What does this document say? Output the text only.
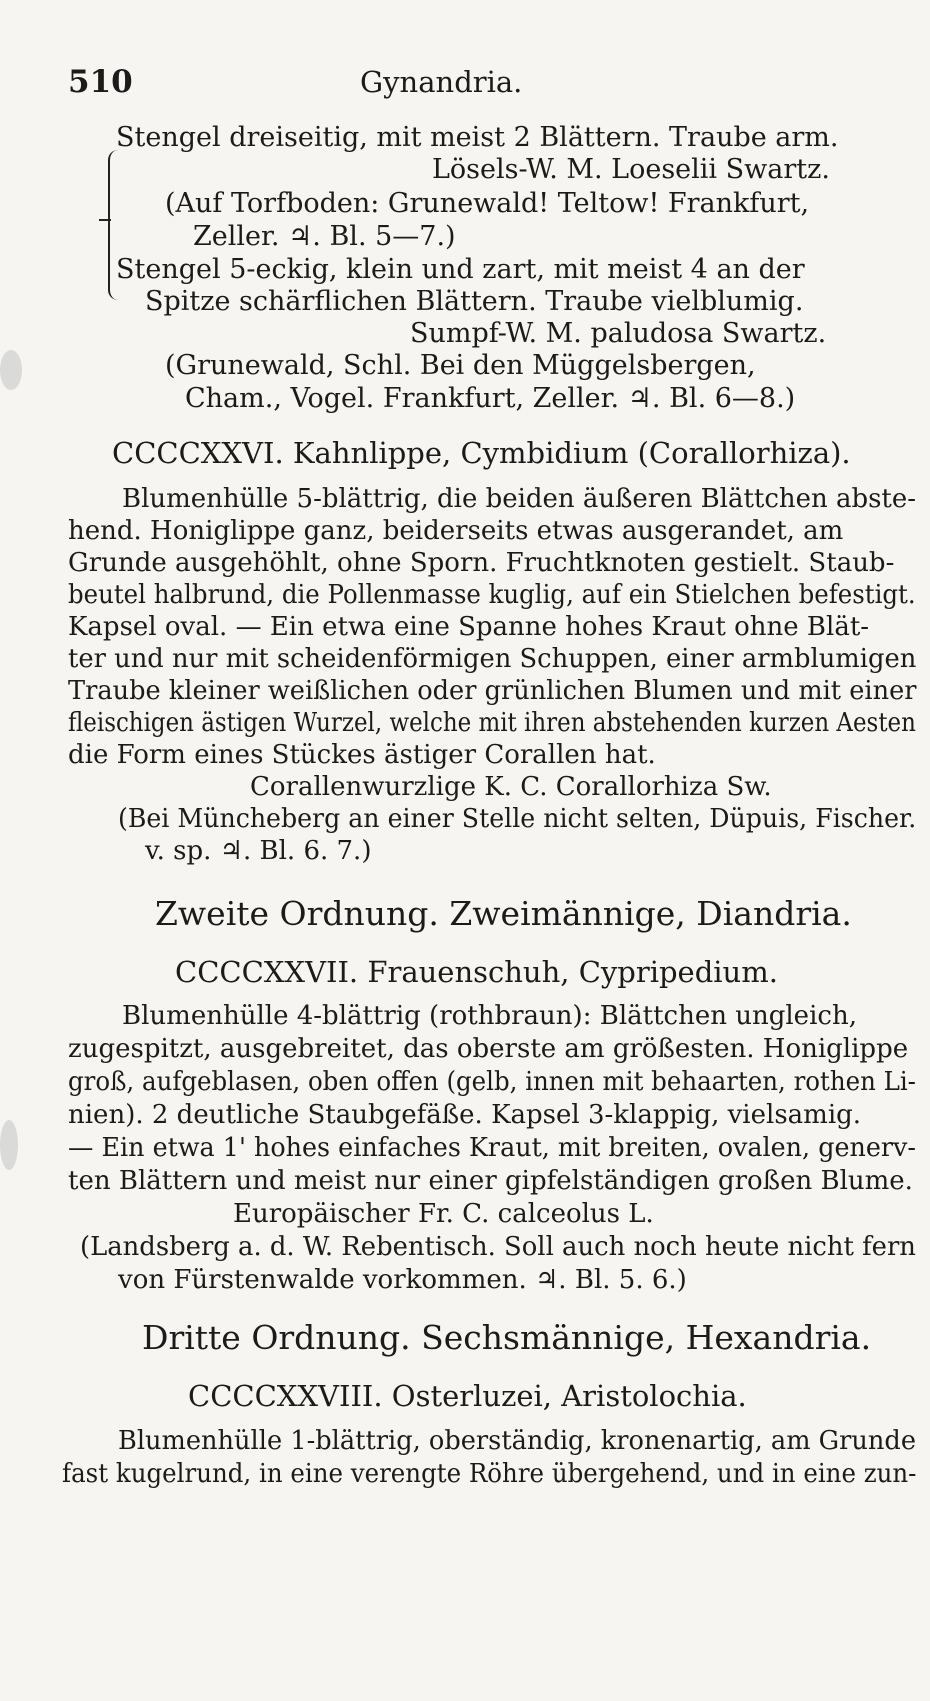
510	Gynandria.
Stengel dreiseitig, mit meist 2 Blättern. Traube arm.
Lösels-W. M. Loeselii Swartz.
(Auf Torfboden: Grunewald! Teltow! Frankfurt,
Zeller. ♃. Bl. 5—7.)
Stengel 5-eckig, klein und zart, mit meist 4 an der
Spitze schärflichen Blättern. Traube vielblumig.
Sumpf-W. M. paludosa Swartz.
(Grunewald, Schl. Bei den Müggelsbergen,
Cham., Vogel. Frankfurt, Zeller. ♃. Bl. 6—8.)
CCCCXXVI. Kahnlippe, Cymbidium (Corallorhiza).
Blumenhülle 5-blättrig, die beiden äußeren Blättchen abste-
hend. Honiglippe ganz, beiderseits etwas ausgerandet, am
Grunde ausgehöhlt, ohne Sporn. Fruchtknoten gestielt. Staub-
beutel halbrund, die Pollenmasse kuglig, auf ein Stielchen befestigt.
Kapsel oval. — Ein etwa eine Spanne hohes Kraut ohne Blät-
ter und nur mit scheidenförmigen Schuppen, einer armblumigen
Traube kleiner weißlichen oder grünlichen Blumen und mit einer
fleischigen ästigen Wurzel, welche mit ihren abstehenden kurzen Aesten
die Form eines Stückes ästiger Corallen hat.
Corallenwurzlige K. C. Corallorhiza Sw.
(Bei Müncheberg an einer Stelle nicht selten, Düpuis, Fischer.
v. sp. ♃. Bl. 6. 7.)
Zweite Ordnung. Zweimännige, Diandria.
CCCCXXVII. Frauenschuh, Cypripedium.
Blumenhülle 4-blättrig (rothbraun): Blättchen ungleich,
zugespitzt, ausgebreitet, das oberste am größesten. Honiglippe
groß, aufgeblasen, oben offen (gelb, innen mit behaarten, rothen Li-
nien). 2 deutliche Staubgefäße. Kapsel 3-klappig, vielsamig.
— Ein etwa 1' hohes einfaches Kraut, mit breiten, ovalen, generv-
ten Blättern und meist nur einer gipfelständigen großen Blume.
Europäischer Fr. C. calceolus L.
(Landsberg a. d. W. Rebentisch. Soll auch noch heute nicht fern
von Fürstenwalde vorkommen. ♃. Bl. 5. 6.)
Dritte Ordnung. Sechsmännige, Hexandria.
CCCCXXVIII. Osterluzei, Aristolochia.
Blumenhülle 1-blättrig, oberständig, kronenartig, am Grunde
fast kugelrund, in eine verengte Röhre übergehend, und in eine zun-
